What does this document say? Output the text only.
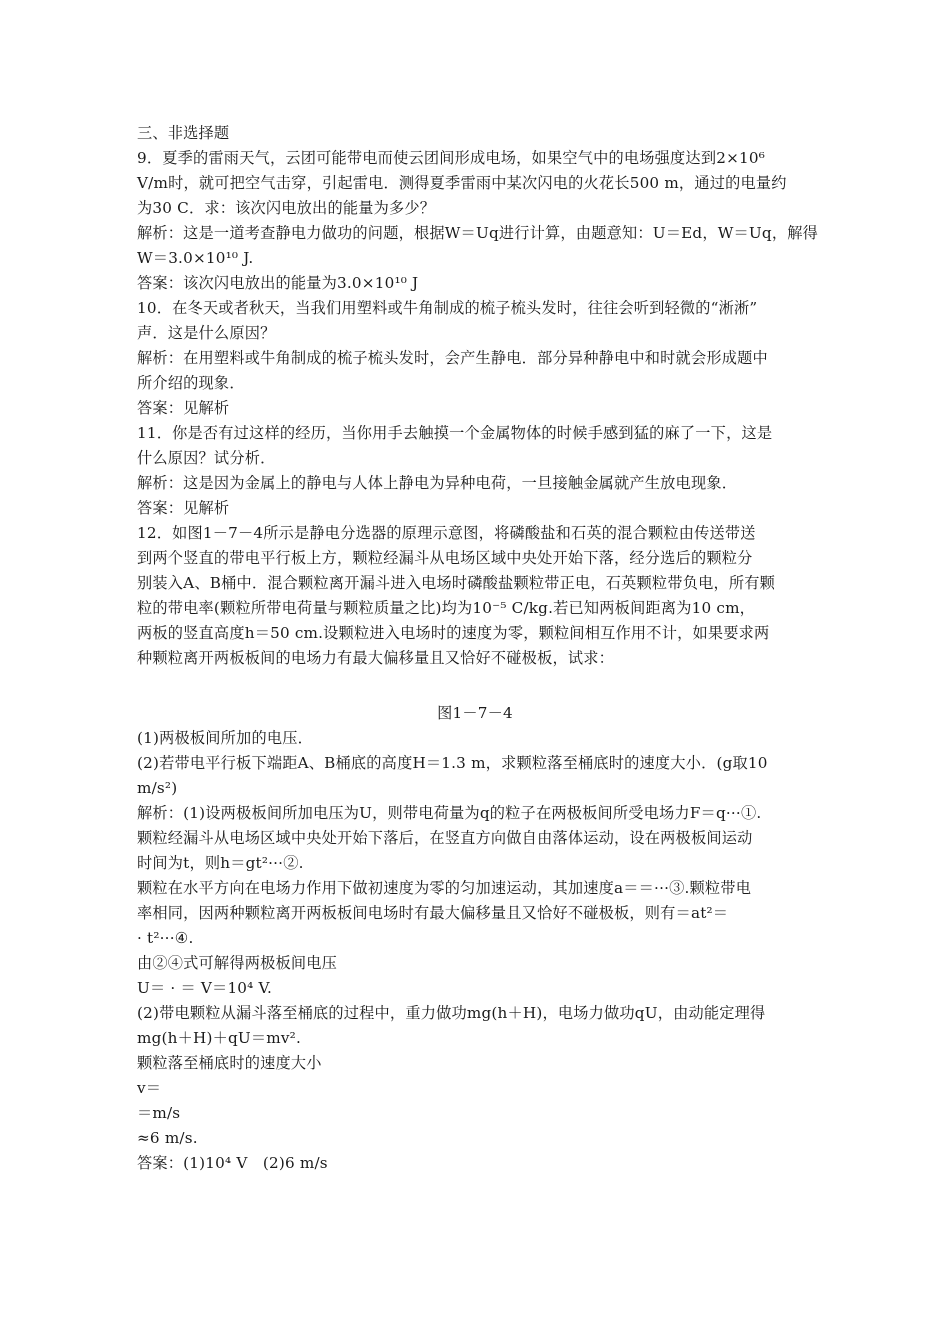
三、非选择题
9．夏季的雷雨天气，云团可能带电而使云团间形成电场，如果空气中的电场强度达到2×10⁶
V/m时，就可把空气击穿，引起雷电．测得夏季雷雨中某次闪电的火花长500 m，通过的电量约
为30 C．求：该次闪电放出的能量为多少？
解析：这是一道考查静电力做功的问题，根据W＝Uq进行计算，由题意知：U＝Ed，W＝Uq，解得
W＝3.0×10¹⁰ J.
答案：该次闪电放出的能量为3.0×10¹⁰ J
10．在冬天或者秋天，当我们用塑料或牛角制成的梳子梳头发时，往往会听到轻微的“淅淅”
声．这是什么原因？
解析：在用塑料或牛角制成的梳子梳头发时，会产生静电．部分异种静电中和时就会形成题中
所介绍的现象．
答案：见解析
11．你是否有过这样的经历，当你用手去触摸一个金属物体的时候手感到猛的麻了一下，这是
什么原因？试分析．
解析：这是因为金属上的静电与人体上静电为异种电荷，一旦接触金属就产生放电现象．
答案：见解析
12．如图1－7－4所示是静电分选器的原理示意图，将磷酸盐和石英的混合颗粒由传送带送
到两个竖直的带电平行板上方，颗粒经漏斗从电场区域中央处开始下落，经分选后的颗粒分
别装入A、B桶中．混合颗粒离开漏斗进入电场时磷酸盐颗粒带正电，石英颗粒带负电，所有颗
粒的带电率(颗粒所带电荷量与颗粒质量之比)均为10⁻⁵ C/kg.若已知两板间距离为10 cm，
两板的竖直高度h＝50 cm.设颗粒进入电场时的速度为零，颗粒间相互作用不计，如果要求两
种颗粒离开两板板间的电场力有最大偏移量且又恰好不碰极板，试求：
图1－7－4
(1)两极板间所加的电压．
(2)若带电平行板下端距A、B桶底的高度H＝1.3 m，求颗粒落至桶底时的速度大小．(g取10
m/s²)
解析：(1)设两极板间所加电压为U，则带电荷量为q的粒子在两极板间所受电场力F＝q···①.
颗粒经漏斗从电场区域中央处开始下落后，在竖直方向做自由落体运动，设在两极板间运动
时间为t，则h＝gt²···②.
颗粒在水平方向在电场力作用下做初速度为零的匀加速运动，其加速度a＝＝···③.颗粒带电
率相同，因两种颗粒离开两板板间电场时有最大偏移量且又恰好不碰极板，则有＝at²＝
· t²···④.
由②④式可解得两极板间电压
U＝ · ＝ V＝10⁴ V.
(2)带电颗粒从漏斗落至桶底的过程中，重力做功mg(h＋H)，电场力做功qU，由动能定理得
mg(h＋H)＋qU＝mv².
颗粒落至桶底时的速度大小
v＝
＝m/s
≈6 m/s.
答案：(1)10⁴ V　(2)6 m/s
